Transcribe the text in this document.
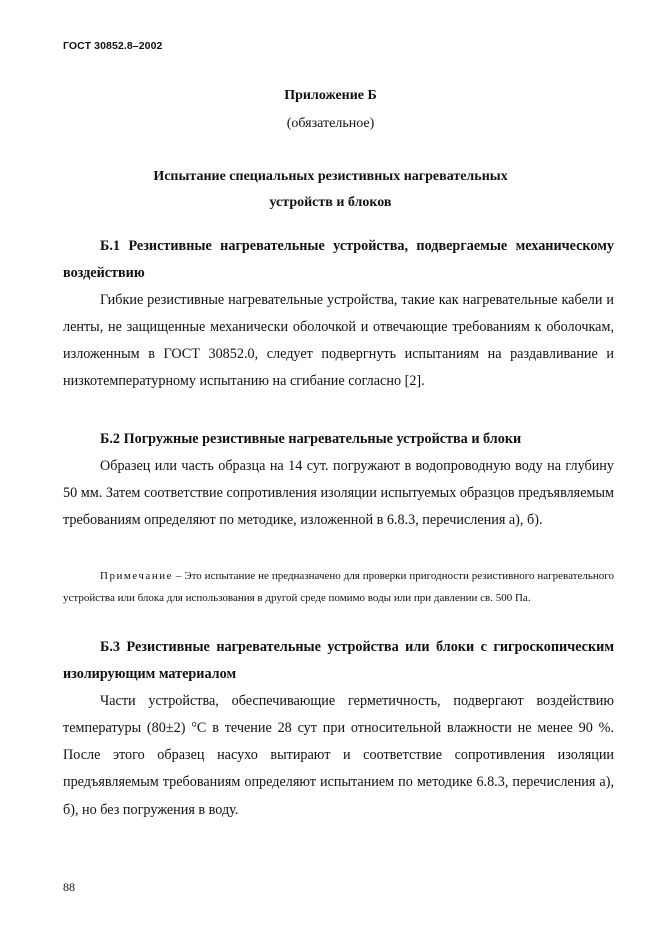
ГОСТ 30852.8–2002
Приложение Б
(обязательное)
Испытание специальных резистивных нагревательных
устройств и блоков

Б.1 Резистивные нагревательные устройства, подвергаемые механическому воздействию

Гибкие резистивные нагревательные устройства, такие как нагревательные кабели и ленты, не защищенные механически оболочкой и отвечающие требованиям к оболочкам, изложенным в ГОСТ 30852.0, следует подвергнуть испытаниям на раздавливание и низкотемпературному испытанию на сгибание согласно [2].

Б.2 Погружные резистивные нагревательные устройства и блоки

Образец или часть образца на 14 сут. погружают в водопроводную воду на глубину 50 мм. Затем соответствие сопротивления изоляции испытуемых образцов предъявляемым требованиям определяют по методике, изложенной в 6.8.3, перечисления а), б).

Примечание – Это испытание не предназначено для проверки пригодности резистивного нагревательного устройства или блока для использования в другой среде помимо воды или при давлении св. 500 Па.

Б.3 Резистивные нагревательные устройства или блоки с гигроскопическим изолирующим материалом

Части устройства, обеспечивающие герметичность, подвергают воздействию температуры (80±2) °С в течение 28 сут при относительной влажности не менее 90 %. После этого образец насухо вытирают и соответствие сопротивления изоляции предъявляемым требованиям определяют испытанием по методике 6.8.3, перечисления а), б), но без погружения в воду.

88
